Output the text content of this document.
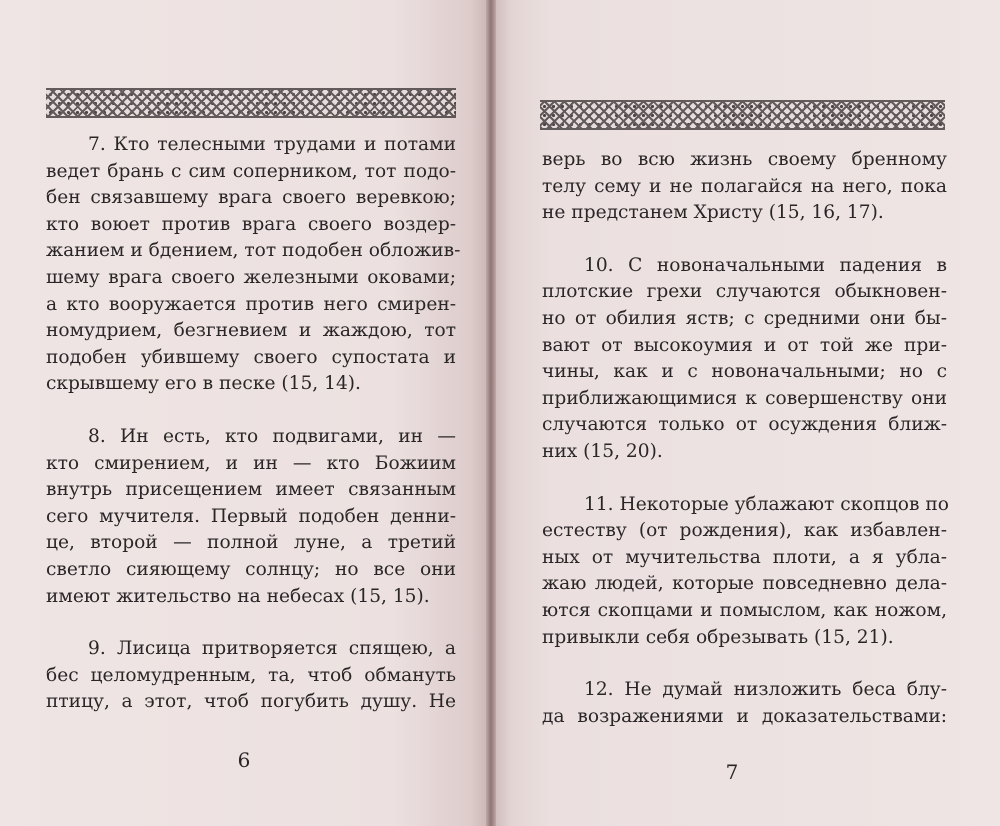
7. Кто телесными трудами и потами
ведет брань с сим соперником, тот подо-
бен связавшему врага своего веревкою;
кто воюет против врага своего воздер-
жанием и бдением, тот подобен обложив-
шему врага своего железными оковами;
а кто вооружается против него смирен-
номудрием, безгневием и жаждою, тот
подобен убившему своего супостата и
скрывшему его в песке (15, 14).

8. Ин есть, кто подвигами, ин —
кто смирением, и ин — кто Божиим
внутрь присещением имеет связанным
сего мучителя. Первый подобен денни-
це, второй — полной луне, а третий
светло сияющему солнцу; но все они
имеют жительство на небесах (15, 15).

9. Лисица притворяется спящею, а
бес целомудренным, та, чтоб обмануть
птицу, а этот, чтоб погубить душу. Не

6

верь во всю жизнь своему бренному
телу сему и не полагайся на него, пока
не предстанем Христу (15, 16, 17).

10. С новоначальными падения в
плотские грехи случаются обыкновен-
но от обилия яств; с средними они бы-
вают от высокоумия и от той же при-
чины, как и с новоначальными; но с
приближающимися к совершенству они
случаются только от осуждения ближ-
них (15, 20).

11. Некоторые ублажают скопцов по
естеству (от рождения), как избавлен-
ных от мучительства плоти, а я убла-
жаю людей, которые повседневно дела-
ются скопцами и помыслом, как ножом,
привыкли себя обрезывать (15, 21).

12. Не думай низложить беса блу-
да возражениями и доказательствами:

7
